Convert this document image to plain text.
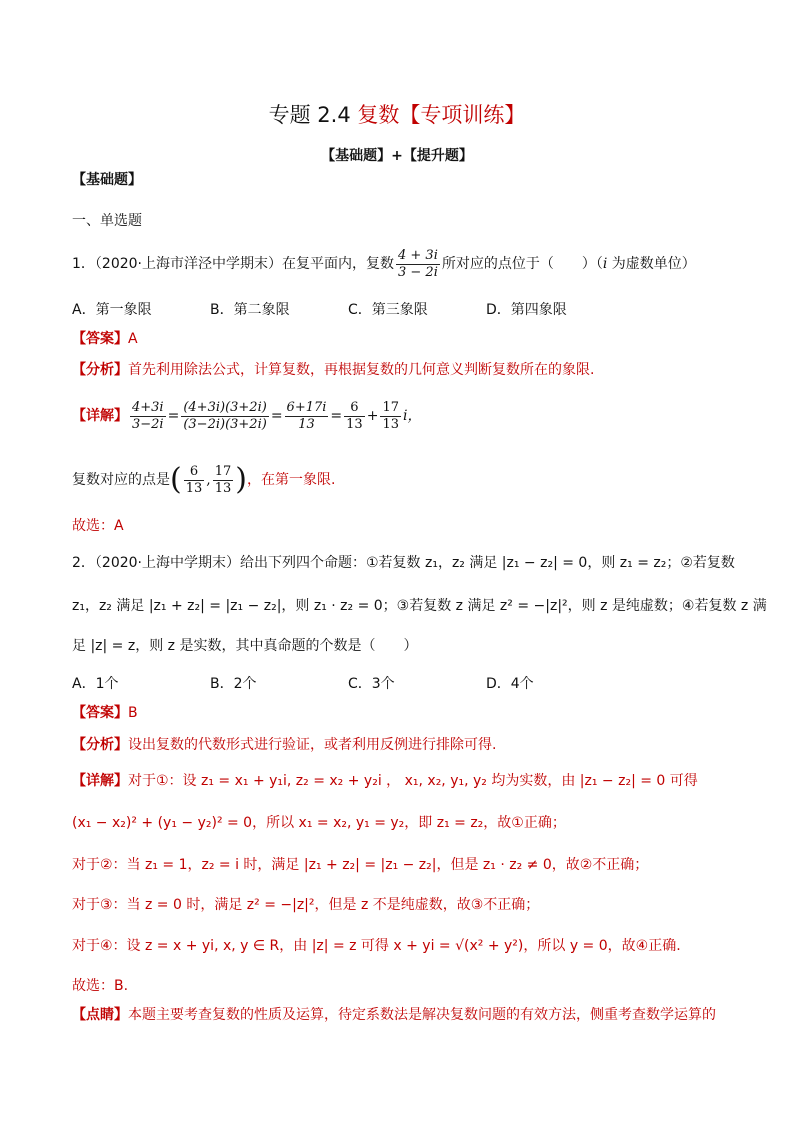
专题 2.4 复数【专项训练】
【基础题】+【提升题】
【基础题】
一、单选题
1．（2020·上海市洋泾中学期末）在复平面内，复数 $\frac{4 + 3i}{3 - 2i}$ 所对应的点位于（　　）（i 为虚数单位）
A．第一象限	B．第二象限	C．第三象限	D．第四象限
【答案】A
【分析】首先利用除法公式，计算复数，再根据复数的几何意义判断复数所在的象限.
【详解】 $\frac{4+3i}{3-2i} = \frac{(4+3i)(3+2i)}{(3-2i)(3+2i)} = \frac{6+17i}{13} = \frac{6}{13} + \frac{17}{13}$ i，
复数对应的点是( $\frac{6}{13}$ , $\frac{17}{13}$ )，在第一象限.
故选：A
2．（2020·上海中学期末）给出下列四个命题：①若复数 z₁，z₂ 满足 |z₁ − z₂| = 0，则 z₁ = z₂；②若复数
z₁，z₂ 满足 |z₁ + z₂| = |z₁ − z₂|，则 z₁ · z₂ = 0；③若复数 z 满足 z² = −|z|²，则 z 是纯虚数；④若复数 z 满
足 |z| = z，则 z 是实数，其中真命题的个数是（　　）
A．1个	B．2个	C．3个	D．4个
【答案】B
【分析】设出复数的代数形式进行验证，或者利用反例进行排除可得.
【详解】对于①：设 z₁ = x₁ + y₁i, z₂ = x₂ + y₂i ， x₁, x₂, y₁, y₂ 均为实数，由 |z₁ − z₂| = 0 可得
(x₁ − x₂)² + (y₁ − y₂)² = 0，所以 x₁ = x₂, y₁ = y₂，即 z₁ = z₂，故①正确；
对于②：当 z₁ = 1，z₂ = i 时，满足 |z₁ + z₂| = |z₁ − z₂|，但是 z₁ · z₂ ≠ 0，故②不正确；
对于③：当 z = 0 时，满足 z² = −|z|²，但是 z 不是纯虚数，故③不正确；
对于④：设 z = x + yi, x, y ∈ R，由 |z| = z 可得 x + yi = √(x² + y²)，所以 y = 0，故④正确.
故选：B.
【点睛】本题主要考查复数的性质及运算，待定系数法是解决复数问题的有效方法，侧重考查数学运算的
